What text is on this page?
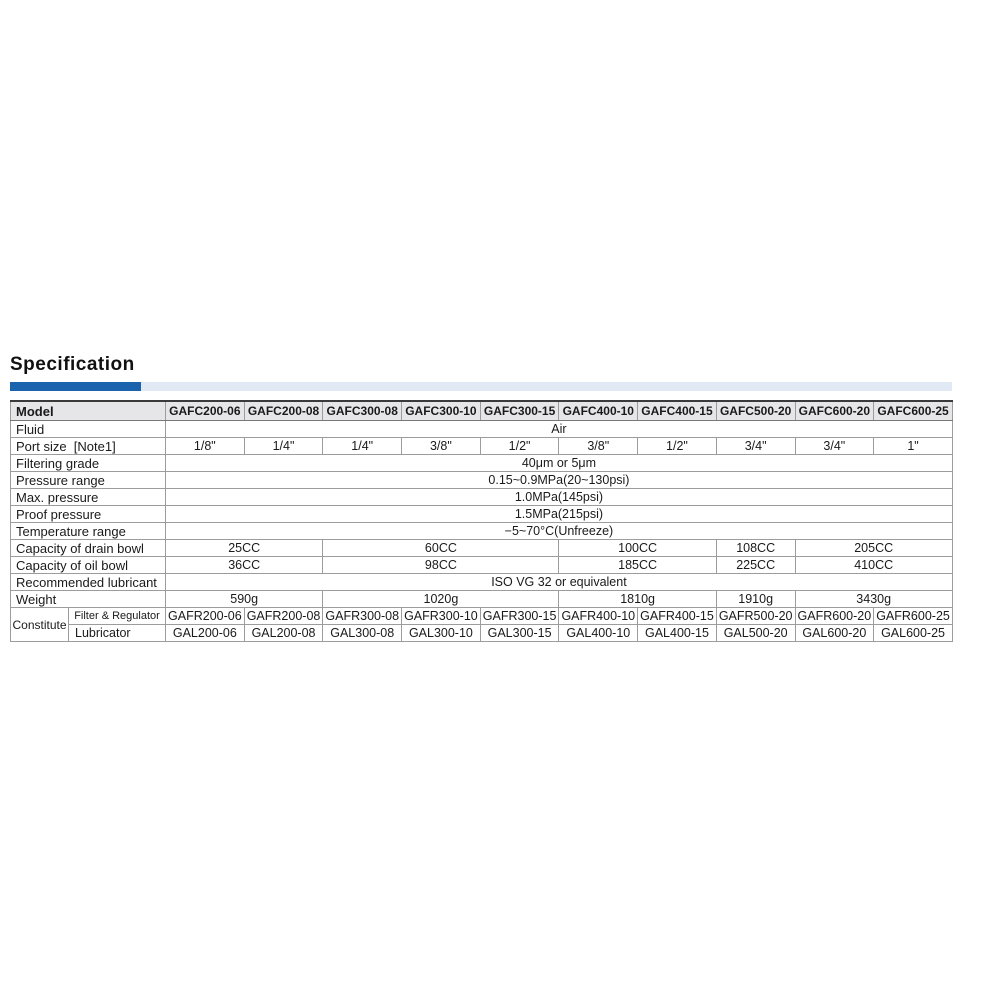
Specification
Model		GAFC200-06	GAFC200-08	GAFC300-08	GAFC300-10	GAFC300-15	GAFC400-10	GAFC400-15	GAFC500-20	GAFC600-20	GAFC600-25
Fluid		Air									
Port size  [Note1]		1/8"	1/4"	1/4"	3/8"	1/2"	3/8"	1/2"	3/4"	3/4"	1"
Filtering grade		40μm or 5μm									
Pressure range		0.15~0.9MPa(20~130psi)									
Max. pressure		1.0MPa(145psi)									
Proof pressure		1.5MPa(215psi)									
Temperature range		−5~70°C(Unfreeze)									
Capacity of drain bowl		25CC		60CC			100CC		108CC	205CC	
Capacity of oil bowl		36CC		98CC			185CC		225CC	410CC	
Recommended lubricant		ISO VG 32 or equivalent									
Weight		590g		1020g			1810g		1910g	3430g	
Constitute	Filter & Regulator	GAFR200-06	GAFR200-08	GAFR300-08	GAFR300-10	GAFR300-15	GAFR400-10	GAFR400-15	GAFR500-20	GAFR600-20	GAFR600-25
	Lubricator	GAL200-06	GAL200-08	GAL300-08	GAL300-10	GAL300-15	GAL400-10	GAL400-15	GAL500-20	GAL600-20	GAL600-25
